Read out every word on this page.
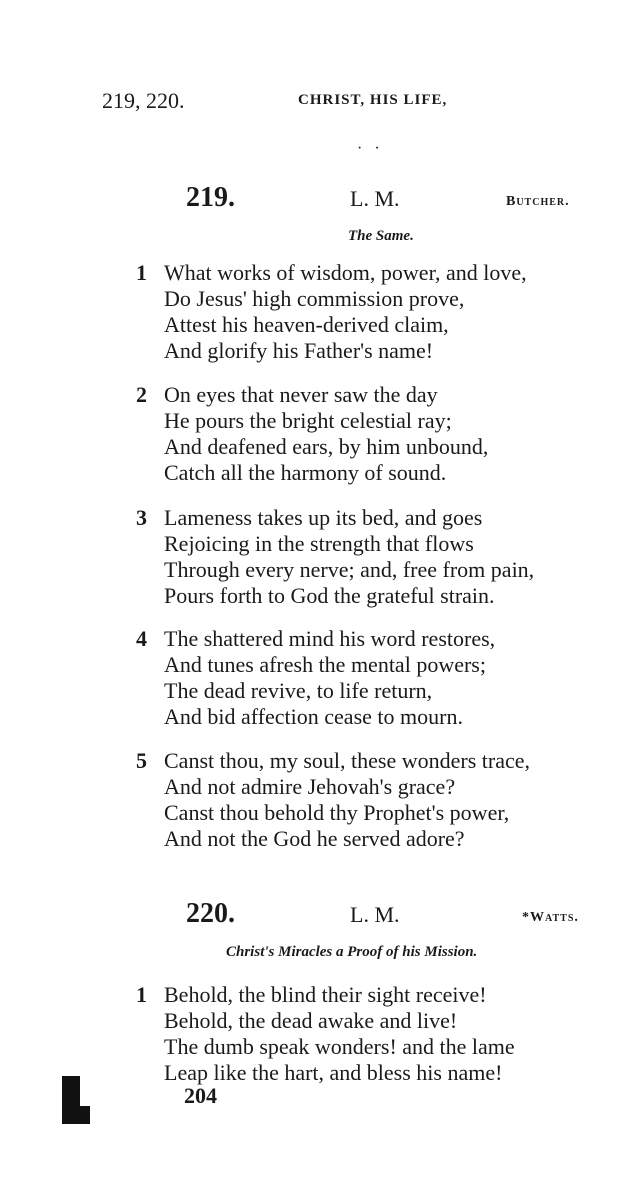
219, 220.	CHRIST, HIS LIFE,
· ·
219.	L. M.	Butcher.
The Same.
1 What works of wisdom, power, and love,
Do Jesus' high commission prove,
Attest his heaven-derived claim,
And glorify his Father's name!
2 On eyes that never saw the day
He pours the bright celestial ray;
And deafened ears, by him unbound,
Catch all the harmony of sound.
3 Lameness takes up its bed, and goes
Rejoicing in the strength that flows
Through every nerve; and, free from pain,
Pours forth to God the grateful strain.
4 The shattered mind his word restores,
And tunes afresh the mental powers;
The dead revive, to life return,
And bid affection cease to mourn.
5 Canst thou, my soul, these wonders trace,
And not admire Jehovah's grace?
Canst thou behold thy Prophet's power,
And not the God he served adore?
220.	L. M.	*Watts.
Christ's Miracles a Proof of his Mission.
1 Behold, the blind their sight receive!
Behold, the dead awake and live!
The dumb speak wonders! and the lame
Leap like the hart, and bless his name!
204
